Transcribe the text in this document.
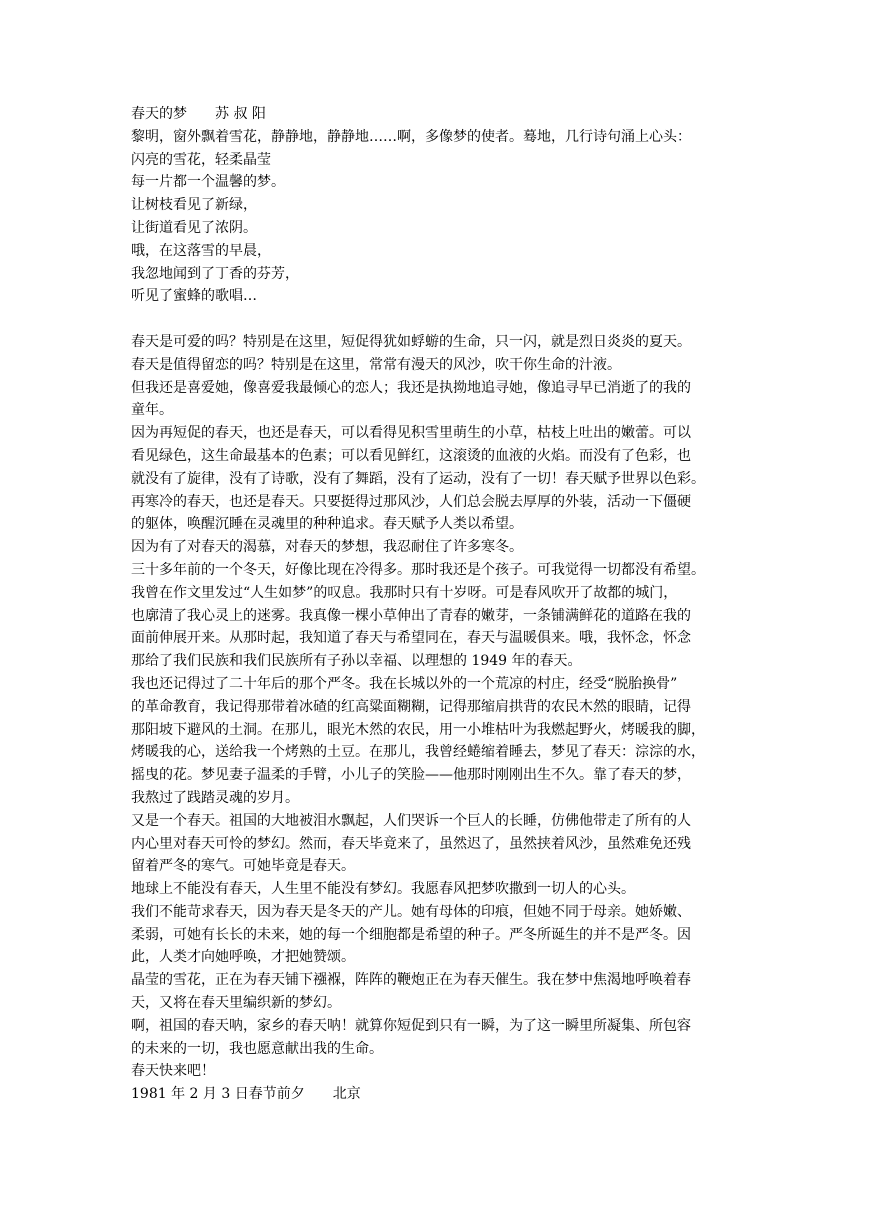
春天的梦　　苏 叔 阳
黎明，窗外飘着雪花，静静地，静静地……啊，多像梦的使者。蓦地，几行诗句涌上心头：
闪亮的雪花，轻柔晶莹
每一片都一个温馨的梦。
让树枝看见了新绿，
让街道看见了浓阴。
哦，在这落雪的早晨，
我忽地闻到了丁香的芬芳，
听见了蜜蜂的歌唱…
春天是可爱的吗？特别是在这里，短促得犹如蜉蝣的生命，只一闪，就是烈日炎炎的夏天。
春天是值得留恋的吗？特别是在这里，常常有漫天的风沙，吹干你生命的汁液。
但我还是喜爱她，像喜爱我最倾心的恋人；我还是执拗地追寻她，像追寻早已消逝了的我的
童年。
因为再短促的春天，也还是春天，可以看得见积雪里萌生的小草，枯枝上吐出的嫩蕾。可以
看见绿色，这生命最基本的色素；可以看见鲜红，这滚烫的血液的火焰。而没有了色彩，也
就没有了旋律，没有了诗歌，没有了舞蹈，没有了运动，没有了一切！春天赋予世界以色彩。
再寒冷的春天，也还是春天。只要挺得过那风沙，人们总会脱去厚厚的外装，活动一下僵硬
的躯体，唤醒沉睡在灵魂里的种种追求。春天赋予人类以希望。
因为有了对春天的渴慕，对春天的梦想，我忍耐住了许多寒冬。
三十多年前的一个冬天，好像比现在冷得多。那时我还是个孩子。可我觉得一切都没有希望。
我曾在作文里发过“人生如梦”的叹息。我那时只有十岁呀。可是春风吹开了故都的城门，
也廓清了我心灵上的迷雾。我真像一棵小草伸出了青春的嫩芽，一条铺满鲜花的道路在我的
面前伸展开来。从那时起，我知道了春天与希望同在，春天与温暖俱来。哦，我怀念，怀念
那给了我们民族和我们民族所有子孙以幸福、以理想的 1949 年的春天。
我也还记得过了二十年后的那个严冬。我在长城以外的一个荒凉的村庄，经受“脱胎换骨”
的革命教育，我记得那带着冰碴的红高粱面糊糊，记得那缩肩拱背的农民木然的眼睛，记得
那阳坡下避风的土洞。在那儿，眼光木然的农民，用一小堆枯叶为我燃起野火，烤暖我的脚，
烤暖我的心，送给我一个烤熟的土豆。在那儿，我曾经蜷缩着睡去，梦见了春天：淙淙的水，
摇曳的花。梦见妻子温柔的手臂，小儿子的笑脸——他那时刚刚出生不久。靠了春天的梦，
我熬过了践踏灵魂的岁月。
又是一个春天。祖国的大地被泪水飘起，人们哭诉一个巨人的长睡，仿佛他带走了所有的人
内心里对春天可怜的梦幻。然而，春天毕竟来了，虽然迟了，虽然挟着风沙，虽然难免还残
留着严冬的寒气。可她毕竟是春天。
地球上不能没有春天，人生里不能没有梦幻。我愿春风把梦吹撒到一切人的心头。
我们不能苛求春天，因为春天是冬天的产儿。她有母体的印痕，但她不同于母亲。她娇嫩、
柔弱，可她有长长的未来，她的每一个细胞都是希望的种子。严冬所诞生的并不是严冬。因
此，人类才向她呼唤，才把她赞颂。
晶莹的雪花，正在为春天铺下襁褓，阵阵的鞭炮正在为春天催生。我在梦中焦渴地呼唤着春
天，又将在春天里编织新的梦幻。
啊，祖国的春天呐，家乡的春天呐！就算你短促到只有一瞬，为了这一瞬里所凝集、所包容
的未来的一切，我也愿意献出我的生命。
春天快来吧！
1981 年 2 月 3 日春节前夕　　北京
